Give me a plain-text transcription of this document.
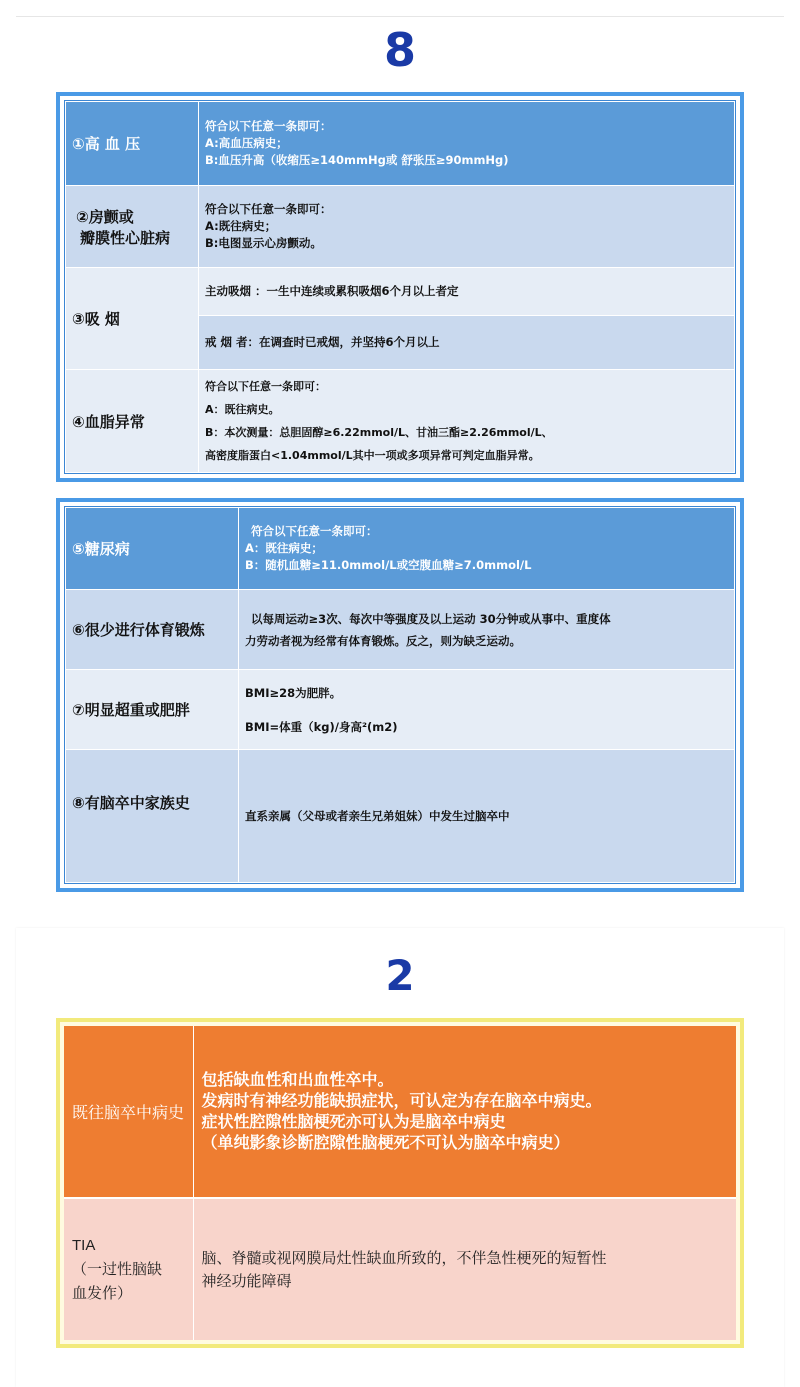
8
①高 血 压	符合以下任意一条即可：
A:高血压病史；
B:血压升高（收缩压≥140mmHg或 舒张压≥90mmHg)

②房颤或
瓣膜性心脏病	符合以下任意一条即可：
A:既往病史；
B:电图显示心房颤动。

③吸 烟	主动吸烟 ：一生中连续或累积吸烟6个月以上者定
	戒 烟 者：在调查时已戒烟，并坚持6个月以上
④血脂异常	符合以下任意一条即可：
A：既往病史。
B：本次测量：总胆固醇≥6.22mmol/L、甘油三酯≥2.26mmol/L、
高密度脂蛋白<1.04mmol/L其中一项或多项异常可判定血脂异常。
⑤糖尿病	符合以下任意一条即可：
A：既往病史；
B：随机血糖≥11.0mmol/L或空腹血糖≥7.0mmol/L

⑥很少进行体育锻炼	以每周运动≥3次、每次中等强度及以上运动 30分钟或从事中、重度体
力劳动者视为经常有体育锻炼。反之，则为缺乏运动。

⑦明显超重或肥胖	BMI≥28为肥胖。
BMI=体重（kg)/身高²(m2)

⑧有脑卒中家族史	直系亲属（父母或者亲生兄弟姐妹）中发生过脑卒中
2
既往脑卒中病史	包括缺血性和出血性卒中。
发病时有神经功能缺损症状，可认定为存在脑卒中病史。
症状性腔隙性脑梗死亦可认为是脑卒中病史
（单纯影象诊断腔隙性脑梗死不可认为脑卒中病史）

TIA
（一过性脑缺
血发作）	脑、脊髓或视网膜局灶性缺血所致的，不伴急性梗死的短暂性
神经功能障碍
